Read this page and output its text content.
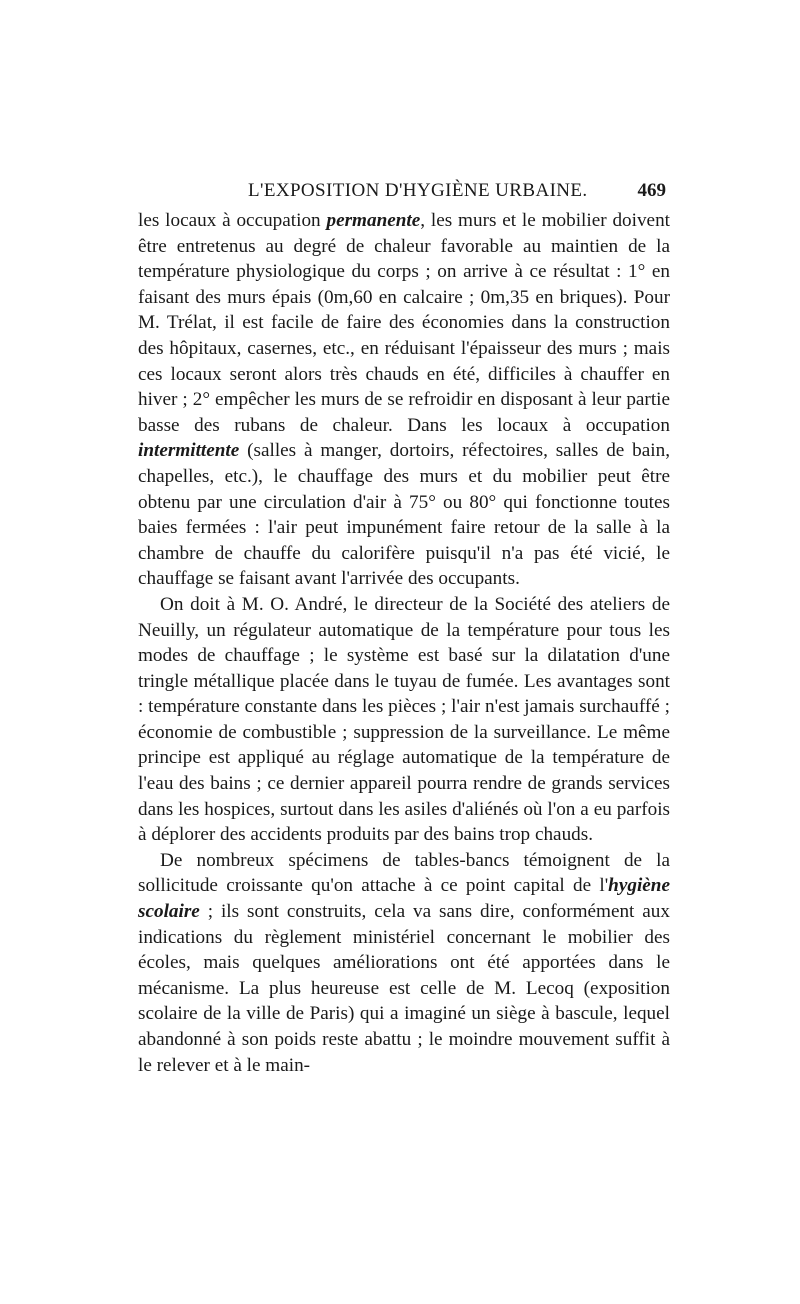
L'EXPOSITION D'HYGIÈNE URBAINE.	469

les locaux à occupation permanente, les murs et le mobilier doivent être entretenus au degré de chaleur favorable au maintien de la température physiologique du corps ; on arrive à ce résultat : 1° en faisant des murs épais (0m,60 en calcaire ; 0m,35 en briques). Pour M. Trélat, il est facile de faire des économies dans la construction des hôpitaux, casernes, etc., en réduisant l'épaisseur des murs ; mais ces locaux seront alors très chauds en été, difficiles à chauffer en hiver ; 2° empêcher les murs de se refroidir en disposant à leur partie basse des rubans de chaleur. Dans les locaux à occupation intermittente (salles à manger, dortoirs, réfectoires, salles de bain, chapelles, etc.), le chauffage des murs et du mobilier peut être obtenu par une circulation d'air à 75° ou 80° qui fonctionne toutes baies fermées : l'air peut impunément faire retour de la salle à la chambre de chauffe du calorifère puisqu'il n'a pas été vicié, le chauffage se faisant avant l'arrivée des occupants.

On doit à M. O. André, le directeur de la Société des ateliers de Neuilly, un régulateur automatique de la température pour tous les modes de chauffage ; le système est basé sur la dilatation d'une tringle métallique placée dans le tuyau de fumée. Les avantages sont : température constante dans les pièces ; l'air n'est jamais surchauffé ; économie de combustible ; suppression de la surveillance. Le même principe est appliqué au réglage automatique de la température de l'eau des bains ; ce dernier appareil pourra rendre de grands services dans les hospices, surtout dans les asiles d'aliénés où l'on a eu parfois à déplorer des accidents produits par des bains trop chauds.

De nombreux spécimens de tables-bancs témoignent de la sollicitude croissante qu'on attache à ce point capital de l'hygiène scolaire ; ils sont construits, cela va sans dire, conformément aux indications du règlement ministériel concernant le mobilier des écoles, mais quelques améliorations ont été apportées dans le mécanisme. La plus heureuse est celle de M. Lecoq (exposition scolaire de la ville de Paris) qui a imaginé un siège à bascule, lequel abandonné à son poids reste abattu ; le moindre mouvement suffit à le relever et à le main-
